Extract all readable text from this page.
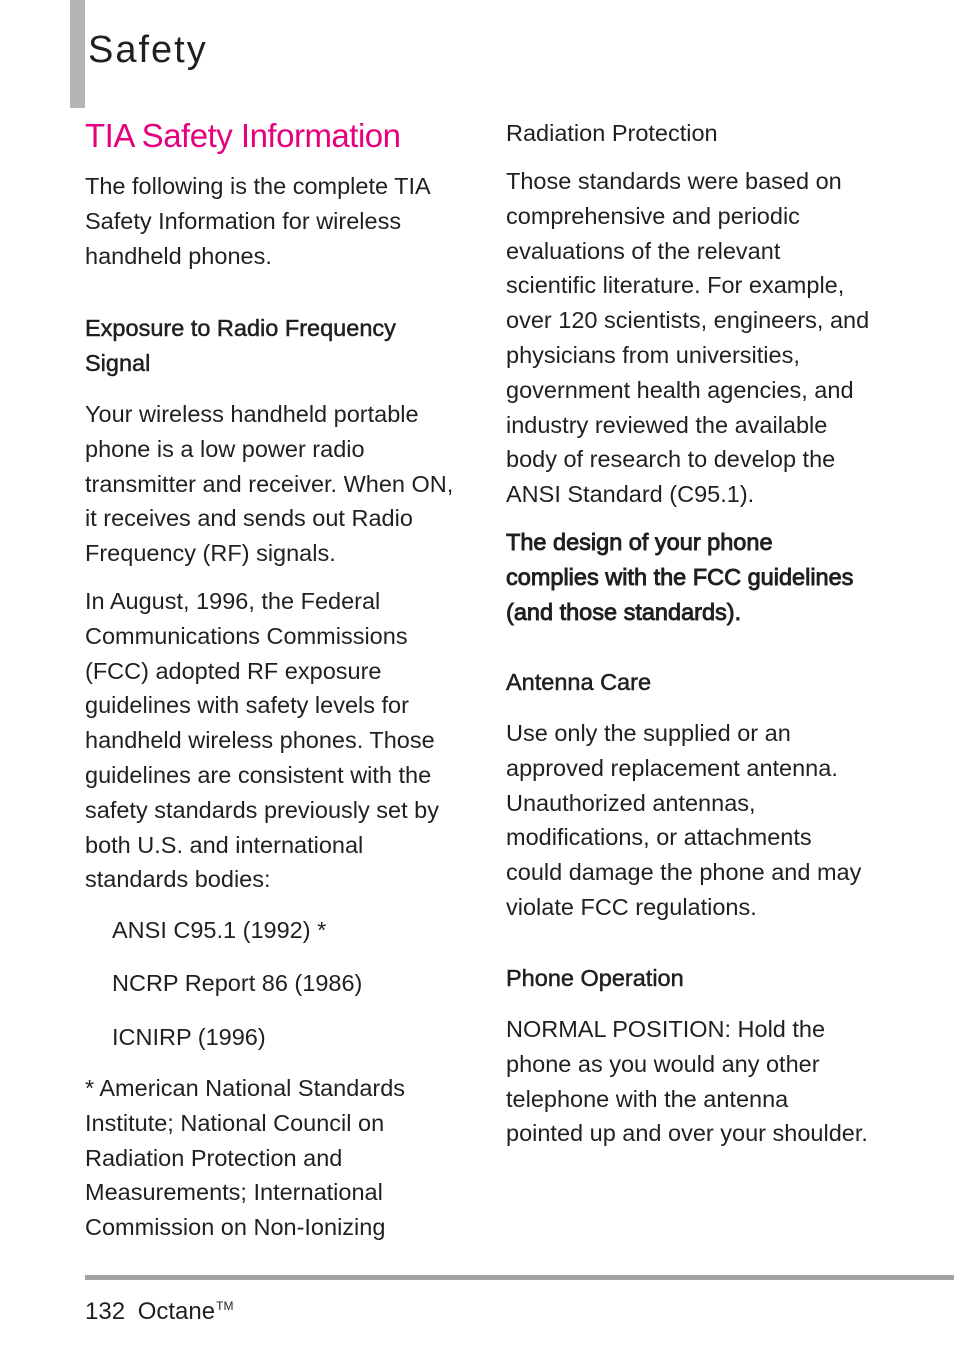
Safety
TIA Safety Information

The following is the complete TIA
Safety Information for wireless
handheld phones.

Exposure to Radio Frequency
Signal

Your wireless handheld portable
phone is a low power radio
transmitter and receiver. When ON,
it receives and sends out Radio
Frequency (RF) signals.

In August, 1996, the Federal
Communications Commissions
(FCC) adopted RF exposure
guidelines with safety levels for
handheld wireless phones. Those
guidelines are consistent with the
safety standards previously set by
both U.S. and international
standards bodies:

ANSI C95.1 (1992) *

NCRP Report 86 (1986)

ICNIRP (1996)

* American National Standards
Institute; National Council on
Radiation Protection and
Measurements; International
Commission on Non-Ionizing

Radiation Protection

Those standards were based on
comprehensive and periodic
evaluations of the relevant
scientific literature. For example,
over 120 scientists, engineers, and
physicians from universities,
government health agencies, and
industry reviewed the available
body of research to develop the
ANSI Standard (C95.1).

The design of your phone
complies with the FCC guidelines
(and those standards).

Antenna Care

Use only the supplied or an
approved replacement antenna.
Unauthorized antennas,
modifications, or attachments
could damage the phone and may
violate FCC regulations.

Phone Operation

NORMAL POSITION: Hold the
phone as you would any other
telephone with the antenna
pointed up and over your shoulder.

132 Octane™
